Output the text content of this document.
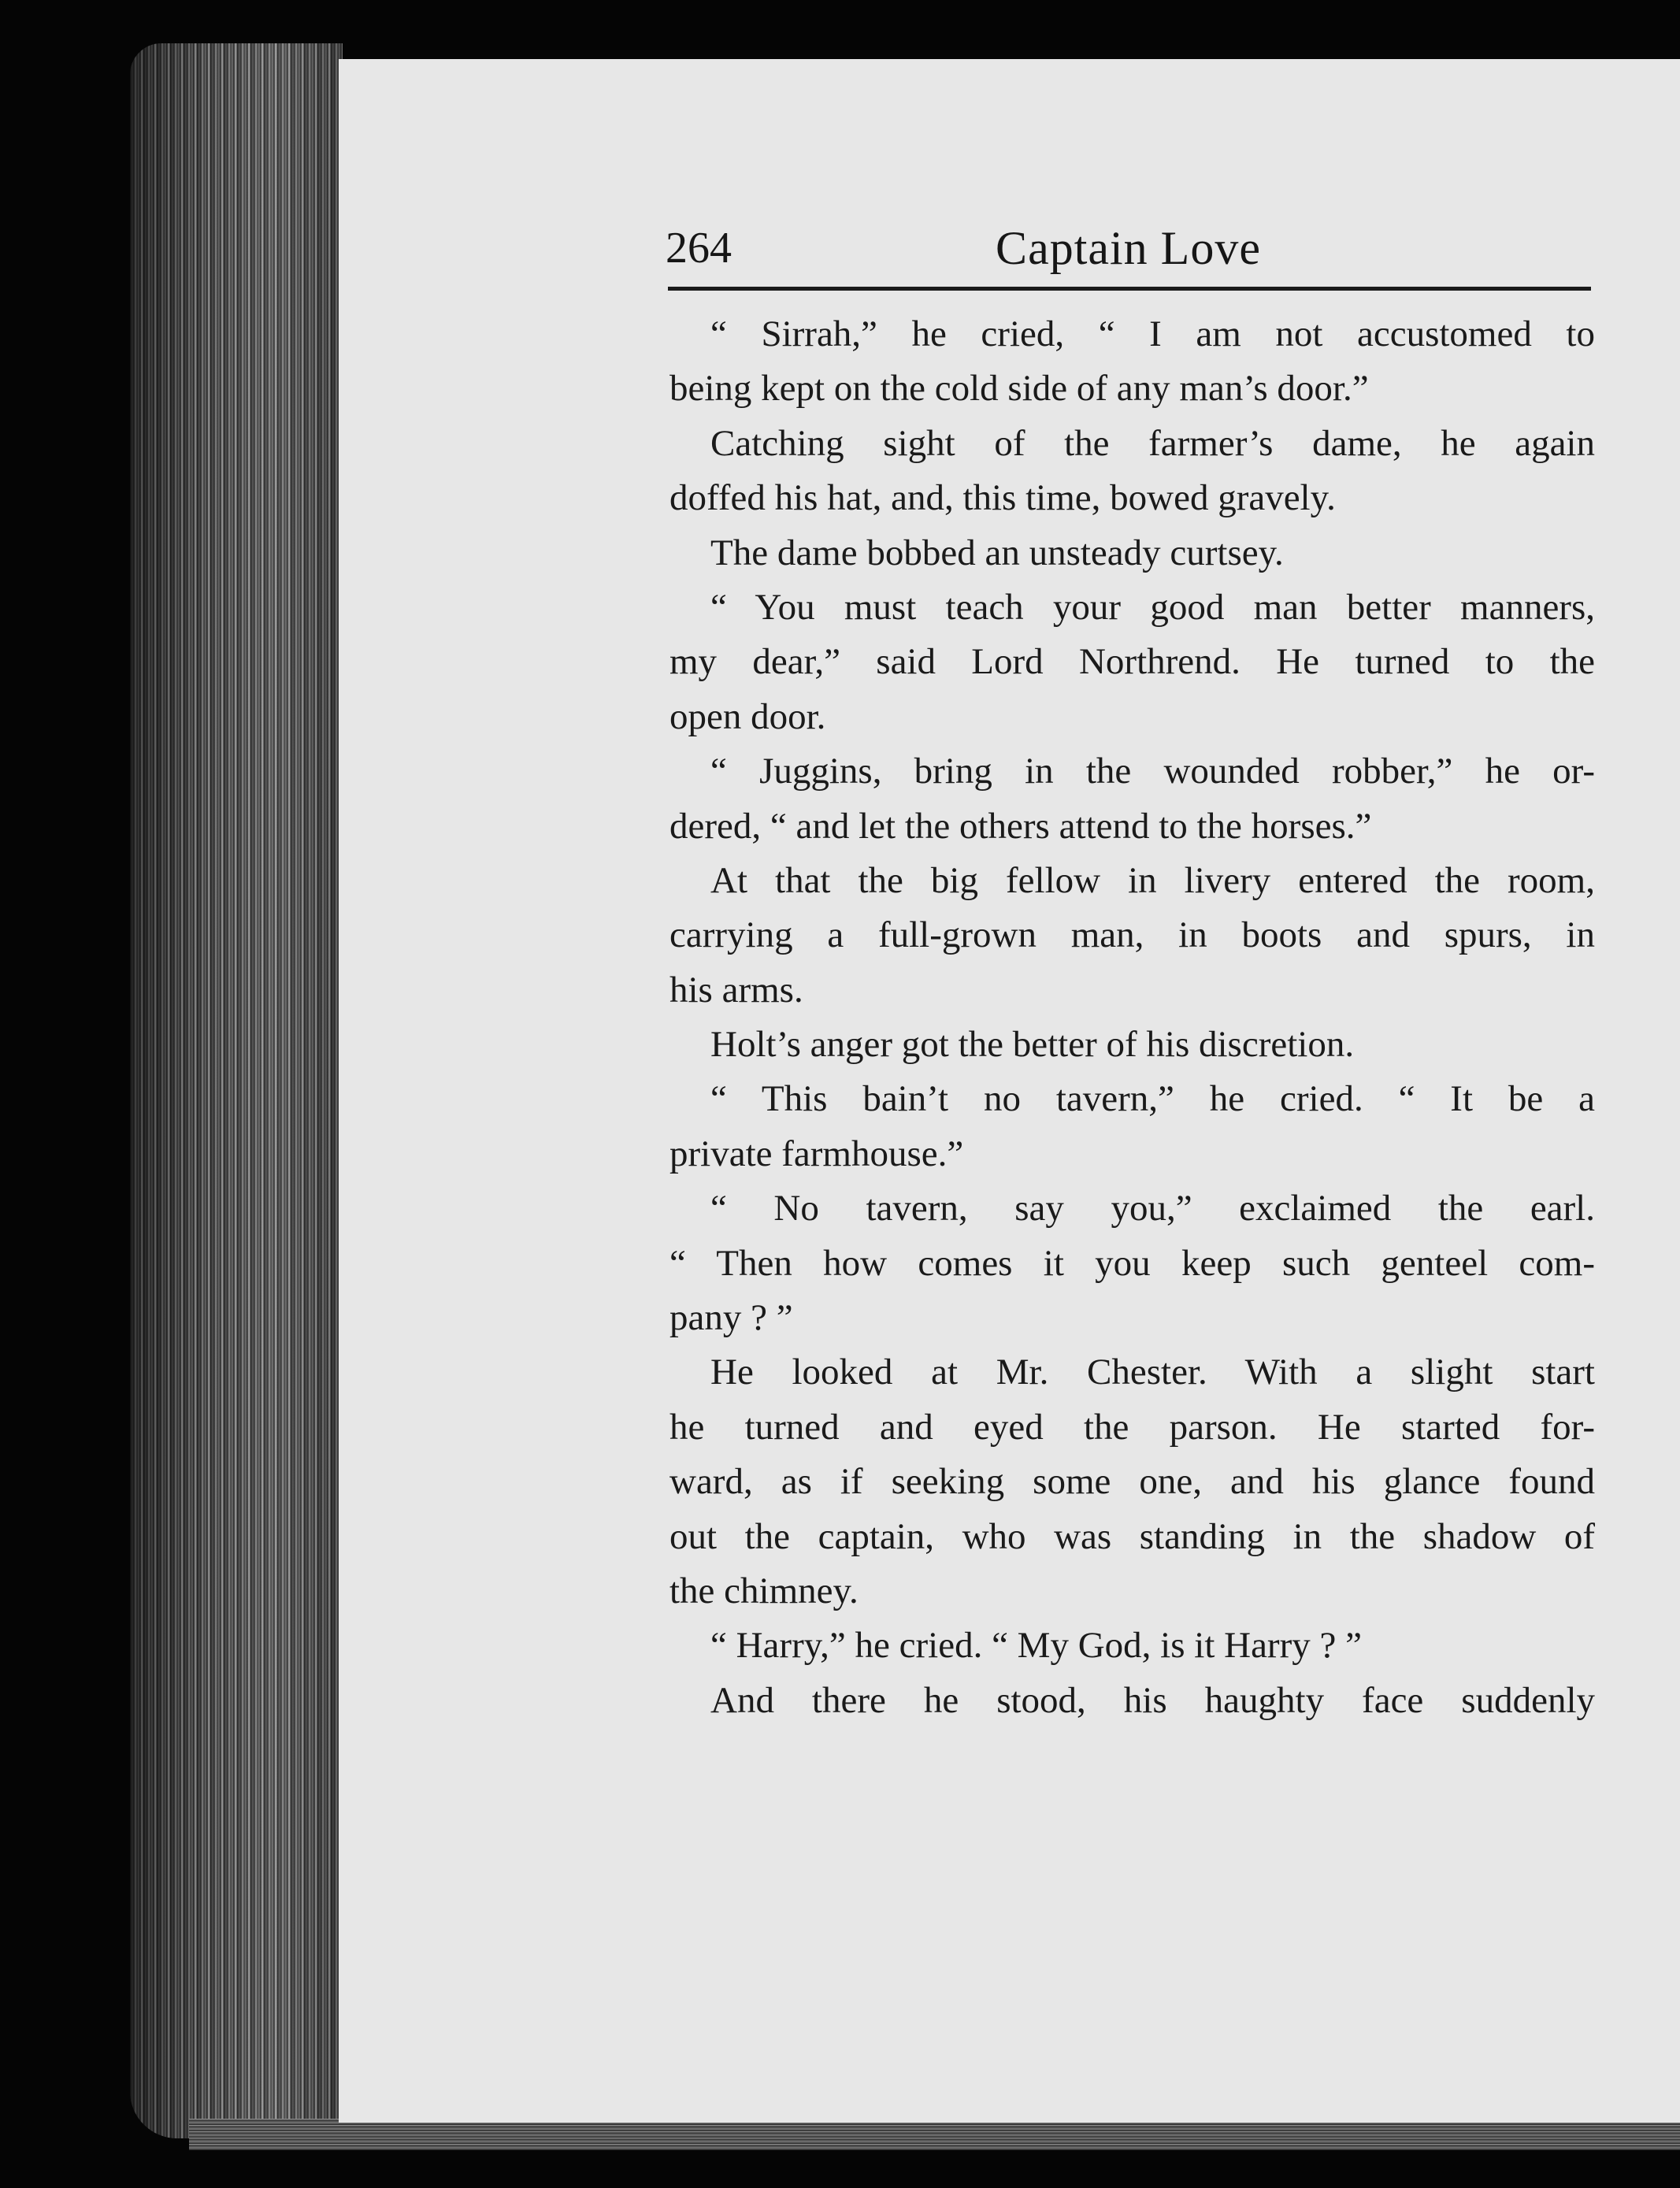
264	Captain Love
“ Sirrah,” he cried, “ I am not accustomed to
being kept on the cold side of any man’s door.”
Catching sight of the farmer’s dame, he again
doffed his hat, and, this time, bowed gravely.
The dame bobbed an unsteady curtsey.
“ You must teach your good man better manners,
my dear,” said Lord Northrend. He turned to the
open door.
“ Juggins, bring in the wounded robber,” he or-
dered, “ and let the others attend to the horses.”
At that the big fellow in livery entered the room,
carrying a full-grown man, in boots and spurs, in
his arms.
Holt’s anger got the better of his discretion.
“ This bain’t no tavern,” he cried. “ It be a
private farmhouse.”
“ No tavern, say you,” exclaimed the earl.
“ Then how comes it you keep such genteel com-
pany ? ”
He looked at Mr. Chester. With a slight start
he turned and eyed the parson. He started for-
ward, as if seeking some one, and his glance found
out the captain, who was standing in the shadow of
the chimney.
“ Harry,” he cried. “ My God, is it Harry ? ”
And there he stood, his haughty face suddenly
